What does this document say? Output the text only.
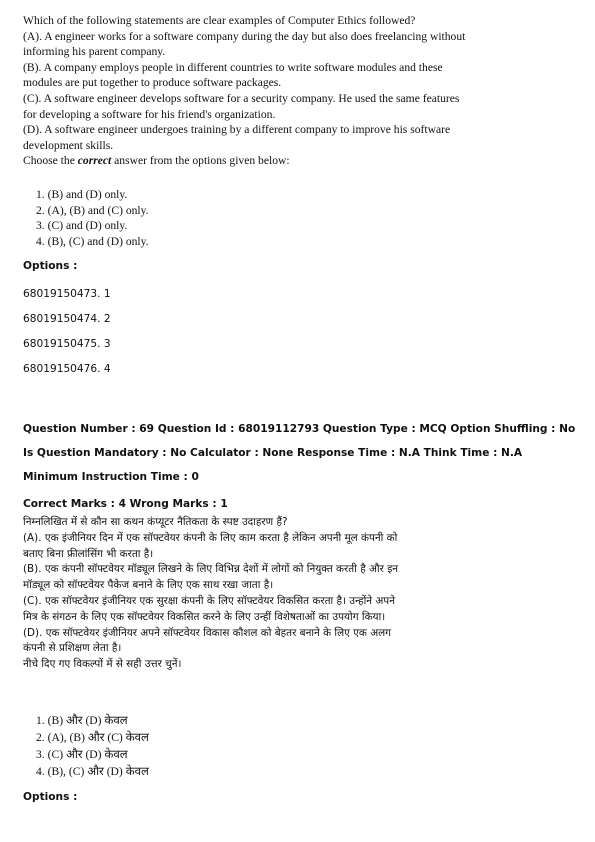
Which of the following statements are clear examples of Computer Ethics followed?
(A). A engineer works for a software company during the day but also does freelancing without
informing his parent company.
(B). A company employs people in different countries to write software modules and these
modules are put together to produce software packages.
(C). A software engineer develops software for a security company. He used the same features
for developing a software for his friend's organization.
(D). A software engineer undergoes training by a different company to improve his software
development skills.
Choose the correct answer from the options given below:
1. (B) and (D) only.
2. (A), (B) and (C) only.
3. (C) and (D) only.
4. (B), (C) and (D) only.
Options :
68019150473. 1
68019150474. 2
68019150475. 3
68019150476. 4
Question Number : 69 Question Id : 68019112793 Question Type : MCQ Option Shuffling : No
Is Question Mandatory : No Calculator : None Response Time : N.A Think Time : N.A
Minimum Instruction Time : 0
Correct Marks : 4 Wrong Marks : 1
निम्नलिखित में से कौन सा कथन कंप्यूटर नैतिकता के स्पष्ट उदाहरण हैं?
(A). एक इंजीनियर दिन में एक सॉफ्टवेयर कंपनी के लिए काम करता है लेकिन अपनी मूल कंपनी को
बताए बिना फ्रीलांसिंग भी करता है।
(B). एक कंपनी सॉफ्टवेयर मॉड्यूल लिखने के लिए विभिन्न देशों में लोगों को नियुक्त करती है और इन
मॉड्यूल को सॉफ्टवेयर पैकेज बनाने के लिए एक साथ रखा जाता है।
(C). एक सॉफ्टवेयर इंजीनियर एक सुरक्षा कंपनी के लिए सॉफ्टवेयर विकसित करता है। उन्होंने अपने
मित्र के संगठन के लिए एक सॉफ्टवेयर विकसित करने के लिए उन्हीं विशेषताओं का उपयोग किया।
(D). एक सॉफ्टवेयर इंजीनियर अपने सॉफ्टवेयर विकास कौशल को बेहतर बनाने के लिए एक अलग
कंपनी से प्रशिक्षण लेता है।
नीचे दिए गए विकल्पों में से सही उत्तर चुनें।
1. (B) और (D) केवल
2. (A), (B) और (C) केवल
3. (C) और (D) केवल
4. (B), (C) और (D) केवल
Options :
